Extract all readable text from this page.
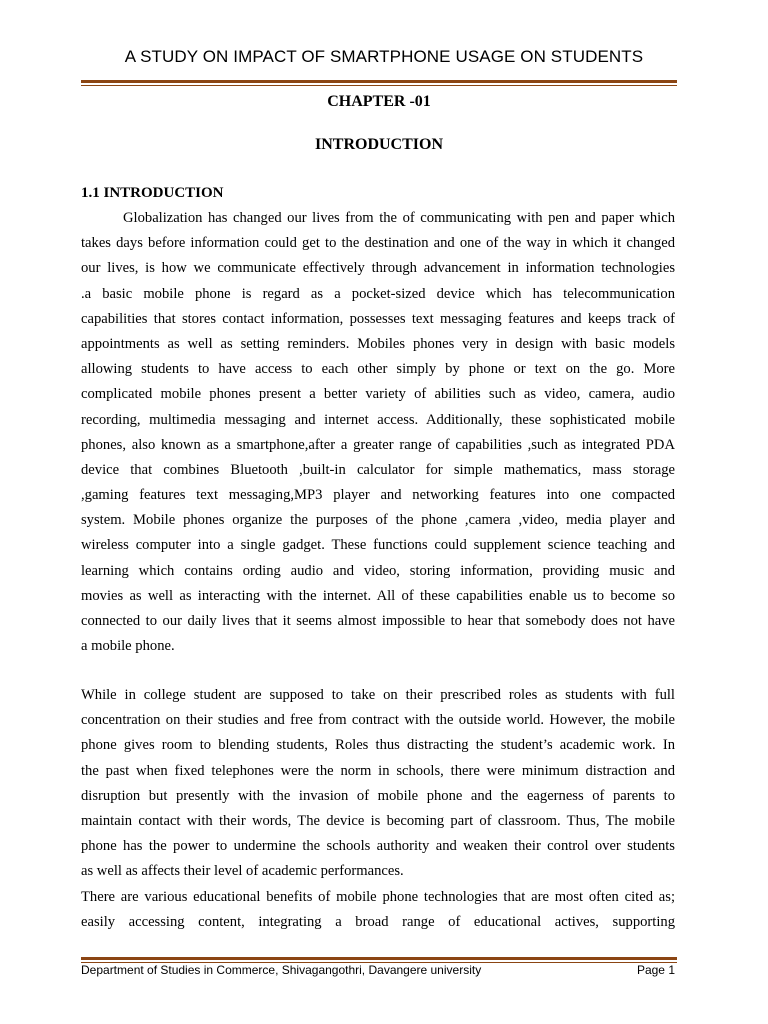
A STUDY ON IMPACT OF SMARTPHONE USAGE ON STUDENTS
CHAPTER -01
INTRODUCTION
1.1 INTRODUCTION
Globalization has changed our lives from the of communicating with pen and paper which
takes days before information could get to the destination and one of the way in which it changed
our lives, is how we communicate effectively through advancement in information technologies
.a basic mobile phone is regard as a pocket-sized device which has telecommunication
capabilities that stores contact information, possesses text messaging features and keeps track of
appointments as well as setting reminders. Mobiles phones very in design with basic models
allowing students to have access to each other simply by phone or text on the go. More
complicated mobile phones present a better variety of abilities such as video, camera, audio
recording, multimedia messaging and internet access. Additionally, these sophisticated mobile
phones, also known as a smartphone,after a greater range of capabilities ,such as integrated PDA
device that combines Bluetooth ,built-in calculator for simple mathematics, mass storage
,gaming features text messaging,MP3 player and networking features into one compacted
system. Mobile phones organize the purposes of the phone ,camera ,video, media player and
wireless computer into a single gadget. These functions could supplement science teaching and
learning which contains ording audio and video, storing information, providing music and
movies as well as interacting with the internet. All of these capabilities enable us to become so
connected to our daily lives that it seems almost impossible to hear that somebody does not have
a mobile phone.
While in college student are supposed to take on their prescribed roles as students with full
concentration on their studies and free from contract with the outside world. However, the mobile
phone gives room to blending students, Roles thus distracting the student’s academic work. In
the past when fixed telephones were the norm in schools, there were minimum distraction and
disruption but presently with the invasion of mobile phone and the eagerness of parents to
maintain contact with their words, The device is becoming part of classroom. Thus, The mobile
phone has the power to undermine the schools authority and weaken their control over students
as well as affects their level of academic performances.
There are various educational benefits of mobile phone technologies that are most often cited as;
easily accessing content, integrating a broad range of educational actives, supporting
Department of Studies in Commerce, Shivagangothri, Davangere university	Page 1
